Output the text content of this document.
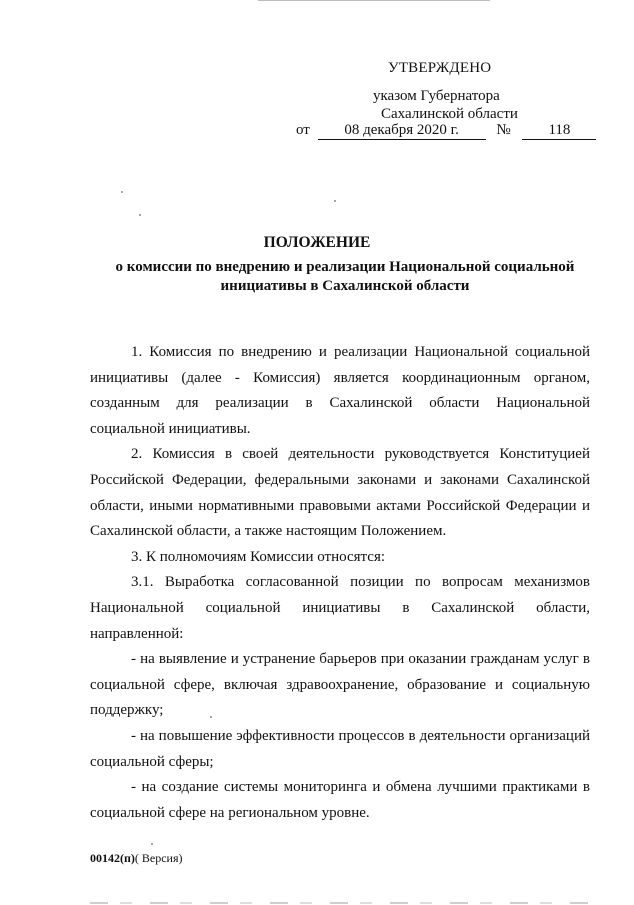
УТВЕРЖДЕНО
указом Губернатора
Сахалинской области
от 08 декабря 2020 г.	№	118
ПОЛОЖЕНИЕ
о комиссии по внедрению и реализации Национальной социальной инициативы в Сахалинской области

1. Комиссия по внедрению и реализации Национальной социальной инициативы (далее - Комиссия) является координационным органом, созданным для реализации в Сахалинской области Национальной социальной инициативы.

2. Комиссия в своей деятельности руководствуется Конституцией Российской Федерации, федеральными законами и законами Сахалинской области, иными нормативными правовыми актами Российской Федерации и Сахалинской области, а также настоящим Положением.

3. К полномочиям Комиссии относятся:

3.1. Выработка согласованной позиции по вопросам механизмов Национальной социальной инициативы в Сахалинской области, направленной:

- на выявление и устранение барьеров при оказании гражданам услуг в социальной сфере, включая здравоохранение, образование и социальную поддержку;

- на повышение эффективности процессов в деятельности организаций социальной сферы;

- на создание системы мониторинга и обмена лучшими практиками в социальной сфере на региональном уровне.

00142(п)( Версия)
